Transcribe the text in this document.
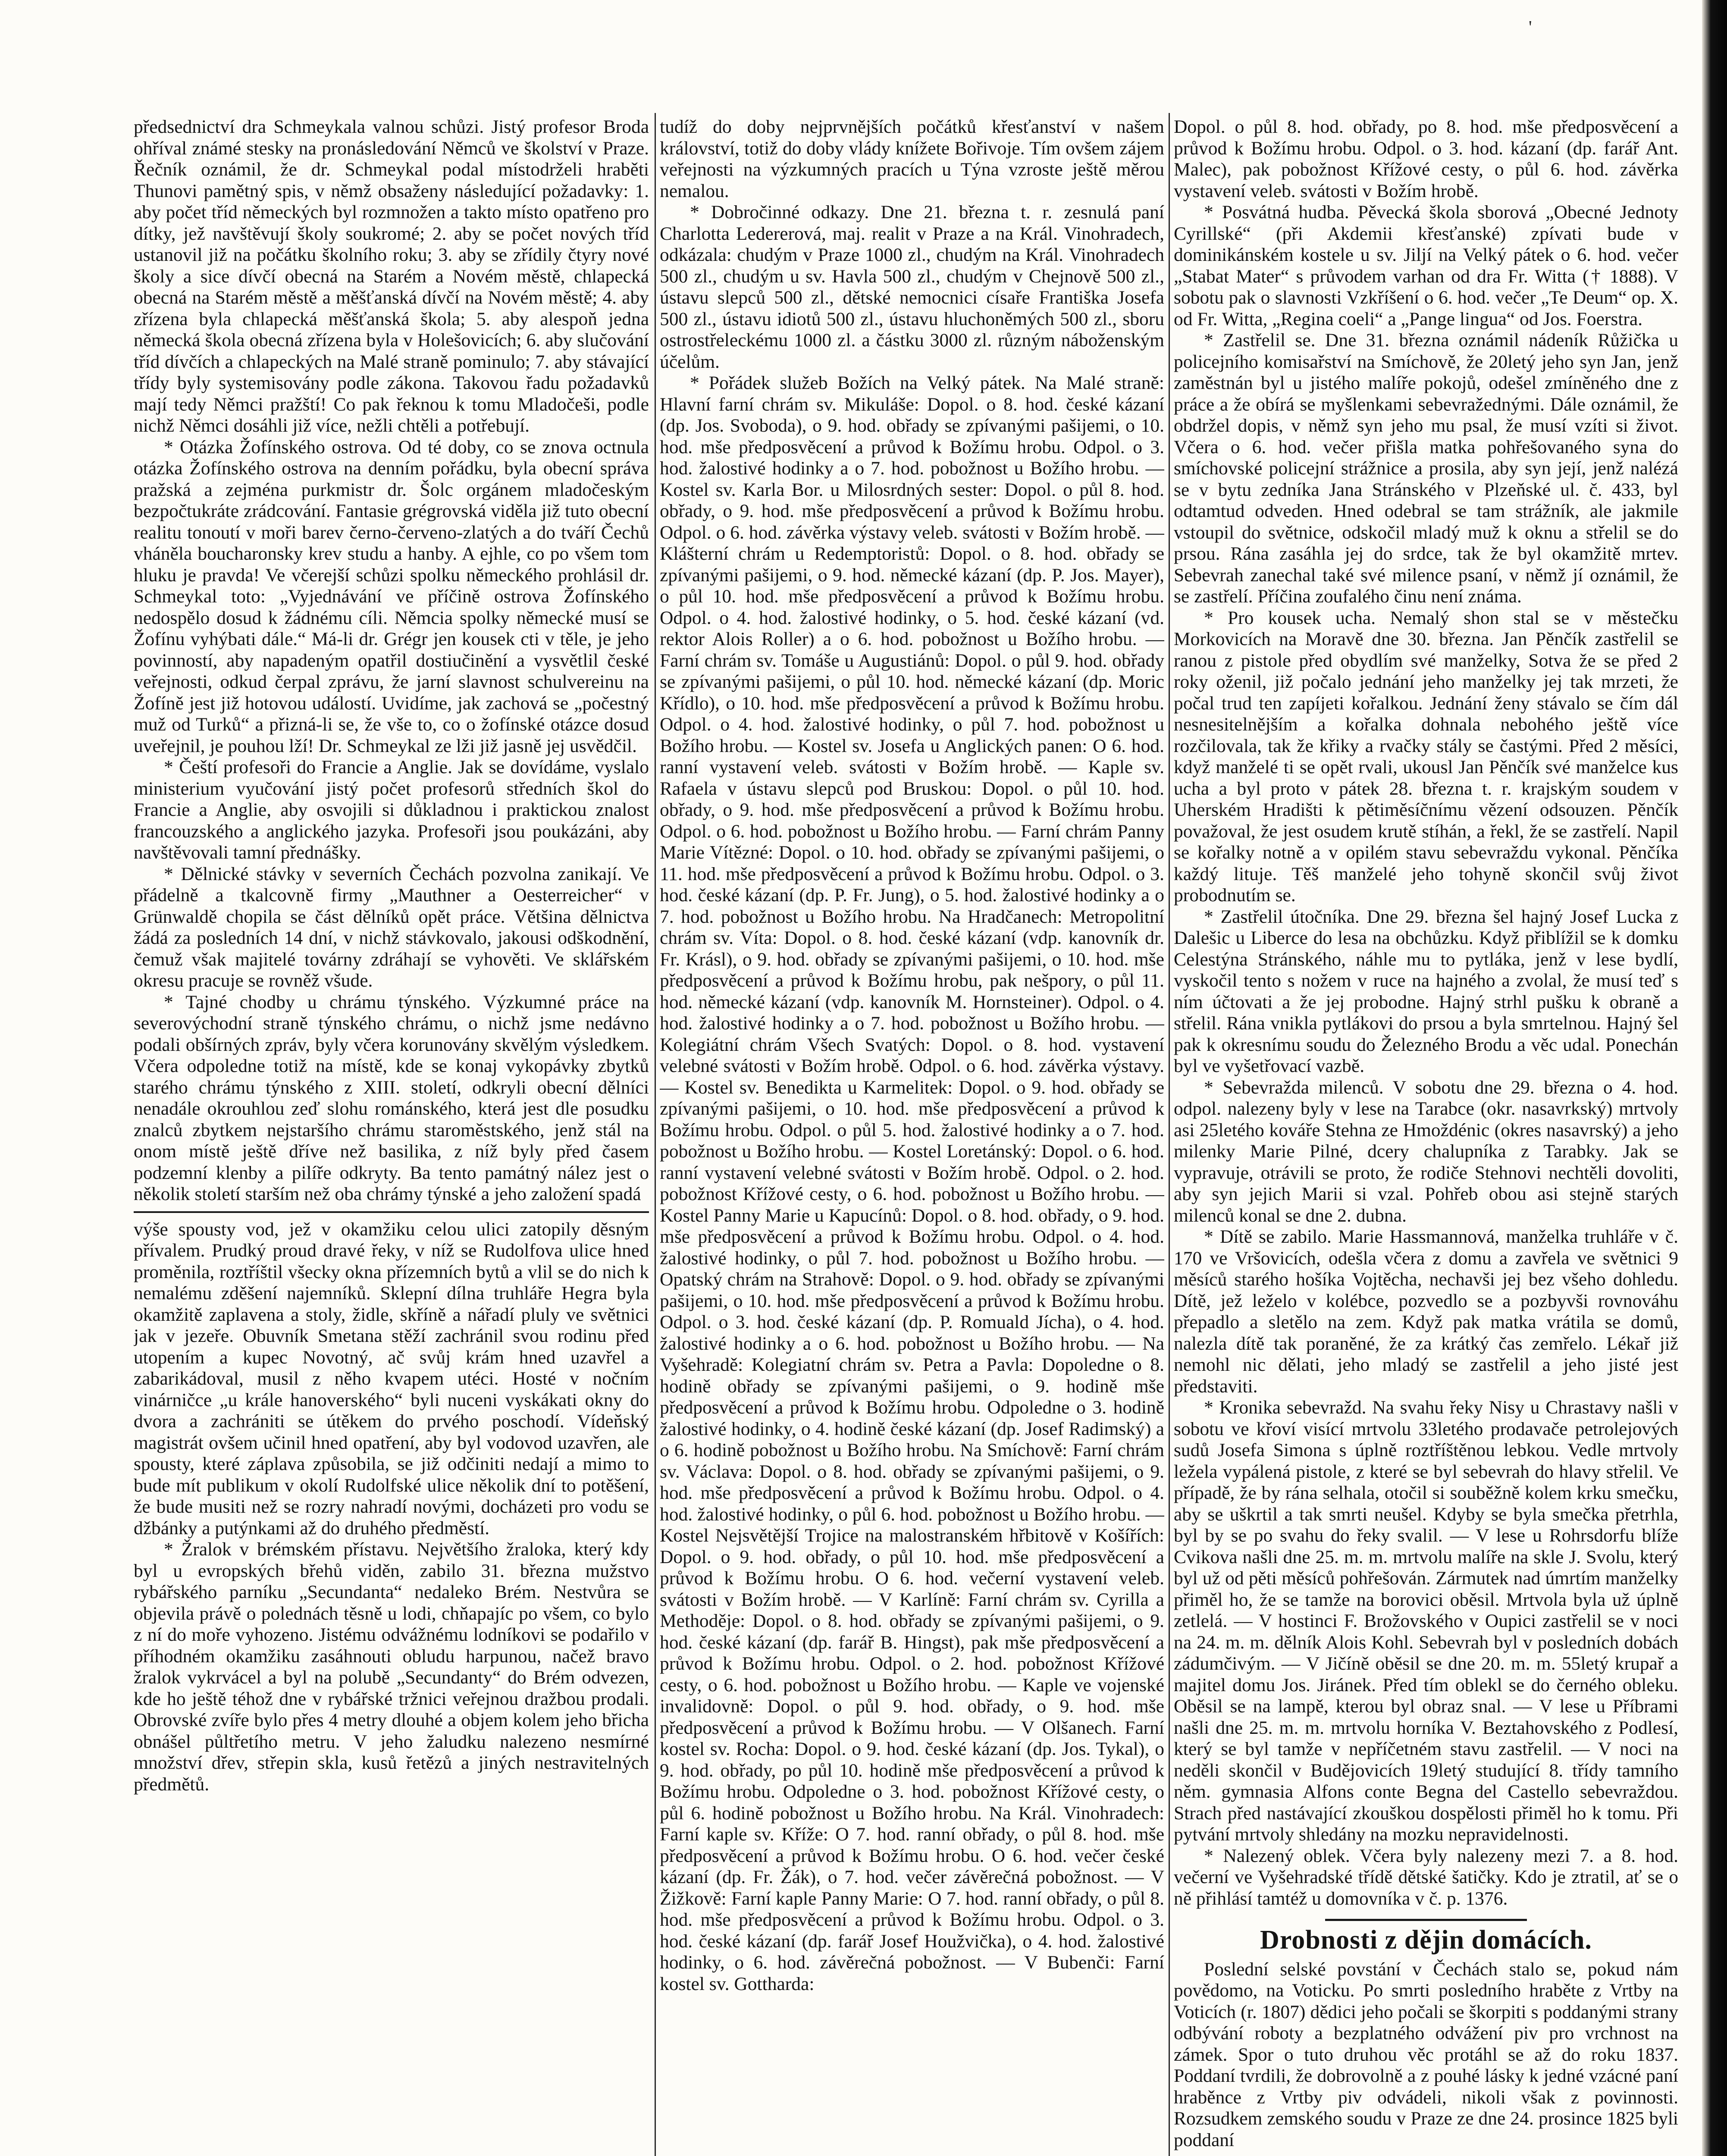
'

předsednictví dra Schmeykala valnou schůzi. Jistý profesor Broda ohříval známé stesky na pronásledování Němců ve školství v Praze. Řečník oznámil, že dr. Schmeykal podal místodrželi hraběti Thunovi pamětný spis, v němž obsaženy následující požadavky: 1. aby počet tříd německých byl rozmnožen a takto místo opatřeno pro dítky, jež navštěvují školy soukromé; 2. aby se počet nových tříd ustanovil již na počátku školního roku; 3. aby se zřídily čtyry nové školy a sice dívčí obecná na Starém a Novém městě, chlapecká obecná na Starém městě a měšťanská dívčí na Novém městě; 4. aby zřízena byla chlapecká měšťanská škola; 5. aby alespoň jedna německá škola obecná zřízena byla v Holešovicích; 6. aby slučování tříd dívčích a chlapeckých na Malé straně pominulo; 7. aby stávající třídy byly systemisovány podle zákona. Takovou řadu požadavků mají tedy Němci pražští! Co pak řeknou k tomu Mladočeši, podle nichž Němci dosáhli již více, nežli chtěli a potřebují.

* Otázka Žofínského ostrova. Od té doby, co se znova octnula otázka Žofínského ostrova na denním pořádku, byla obecní správa pražská a zejména purkmistr dr. Šolc orgánem mladočeským bezpočtukráte zrádcování. Fantasie grégrovská viděla již tuto obecní realitu tonoutí v moři barev černo-červeno-zlatých a do tváří Čechů vháněla boucharonsky krev studu a hanby. A ejhle, co po všem tom hluku je pravda! Ve včerejší schůzi spolku německého prohlásil dr. Schmeykal toto: „Vyjednávání ve příčině ostrova Žofínského nedospělo dosud k žádnému cíli. Němcia spolky německé musí se Žofínu vyhýbati dále.“ Má-li dr. Grégr jen kousek cti v těle, je jeho povinností, aby napadeným opatřil dostiučinění a vysvětlil české veřejnosti, odkud čerpal zprávu, že jarní slavnost schulvereinu na Žofíně jest již hotovou událostí. Uvidíme, jak zachová se „počestný muž od Turků“ a přizná-li se, že vše to, co o žofínské otázce dosud uveřejnil, je pouhou lží! Dr. Schmeykal ze lži již jasně jej usvědčil.

* Čeští profesoři do Francie a Anglie. Jak se dovídáme, vyslalo ministerium vyučování jistý počet profesorů středních škol do Francie a Anglie, aby osvojili si důkladnou i praktickou znalost francouzského a anglického jazyka. Profesoři jsou poukázáni, aby navštěvovali tamní přednášky.

* Dělnické stávky v severních Čechách pozvolna zanikají. Ve přádelně a tkalcovně firmy „Mauthner a Oesterreicher“ v Grünwaldě chopila se část dělníků opět práce. Většina dělnictva žádá za posledních 14 dní, v nichž stávkovalo, jakousi odškodnění, čemuž však majitelé továrny zdráhají se vyhověti. Ve sklářském okresu pracuje se rovněž všude.

* Tajné chodby u chrámu týnského. Výzkumné práce na severovýchodní straně týnského chrámu, o nichž jsme nedávno podali obšírných zpráv, byly včera korunovány skvělým výsledkem. Včera odpoledne totiž na místě, kde se konaj vykopávky zbytků starého chrámu týnského z XIII. století, odkryli obecní dělníci nenadále okrouhlou zeď slohu románského, která jest dle posudku znalců zbytkem nejstaršího chrámu staroměstského, jenž stál na onom místě ještě dříve než basilika, z níž byly před časem podzemní klenby a pilíře odkryty. Ba tento památný nález jest o několik století starším než oba chrámy týnské a jeho založení spadá

výše spousty vod, jež v okamžiku celou ulici zatopily děsným přívalem. Prudký proud dravé řeky, v níž se Rudolfova ulice hned proměnila, roztříštil všecky okna přízemních bytů a vlil se do nich k nemalému zděšení najemníků. Sklepní dílna truhláře Hegra byla okamžitě zaplavena a stoly, židle, skříně a nářadí pluly ve světnici jak v jezeře. Obuvník Smetana stěží zachránil svou rodinu před utopením a kupec Novotný, ač svůj krám hned uzavřel a zabarikádoval, musil z něho kvapem utéci. Hosté v nočním vinárničce „u krále hanoverského“ byli nuceni vyskákati okny do dvora a zachrániti se útěkem do prvého poschodí. Vídeňský magistrát ovšem učinil hned opatření, aby byl vodovod uzavřen, ale spousty, které záplava způsobila, se již odčiniti nedají a mimo to bude mít publikum v okolí Rudolfské ulice několik dní to potěšení, že bude musiti než se rozry nahradí novými, docházeti pro vodu se džbánky a putýnkami až do druhého předměstí.

* Žralok v brémském přístavu. Největšího žraloka, který kdy byl u evropských břehů viděn, zabilo 31. března mužstvo rybářského parníku „Secundanta“ nedaleko Brém. Nestvůra se objevila právě o polednách těsně u lodi, chňapajíc po všem, co bylo z ní do moře vyhozeno. Jistému odvážnému lodníkovi se podařilo v příhodném okamžiku zasáhnouti obludu harpunou, načež bravo žralok vykrvácel a byl na polubě „Secundanty“ do Brém odvezen, kde ho ještě téhož dne v rybářské tržnici veřejnou dražbou prodali. Obrovské zvíře bylo přes 4 metry dlouhé a objem kolem jeho břicha obnášel půltřetího metru. V jeho žaludku nalezeno nesmírné množství dřev, střepin skla, kusů řetězů a jiných nestravitelných předmětů.

tudíž do doby nejprvnějších počátků křesťanství v našem království, totiž do doby vlády knížete Bořivoje. Tím ovšem zájem veřejnosti na výzkumných pracích u Týna vzroste ještě měrou nemalou.

* Dobročinné odkazy. Dne 21. března t. r. zesnulá paní Charlotta Ledererová, maj. realit v Praze a na Král. Vinohradech, odkázala: chudým v Praze 1000 zl., chudým na Král. Vinohradech 500 zl., chudým u sv. Havla 500 zl., chudým v Chejnově 500 zl., ústavu slepců 500 zl., dětské nemocnici císaře Františka Josefa 500 zl., ústavu idiotů 500 zl., ústavu hluchoněmých 500 zl., sboru ostrostřeleckému 1000 zl. a částku 3000 zl. různým náboženským účelům.

* Pořádek služeb Božích na Velký pátek. Na Malé straně: Hlavní farní chrám sv. Mikuláše: Dopol. o 8. hod. české kázaní (dp. Jos. Svoboda), o 9. hod. obřady se zpívanými pašijemi, o 10. hod. mše předposvěcení a průvod k Božímu hrobu. Odpol. o 3. hod. žalostivé hodinky a o 7. hod. pobožnost u Božího hrobu. — Kostel sv. Karla Bor. u Milosrdných sester: Dopol. o půl 8. hod. obřady, o 9. hod. mše předposvěcení a průvod k Božímu hrobu. Odpol. o 6. hod. závěrka výstavy veleb. svátosti v Božím hrobě. — Klášterní chrám u Redemptoristů: Dopol. o 8. hod. obřady se zpívanými pašijemi, o 9. hod. německé kázaní (dp. P. Jos. Mayer), o půl 10. hod. mše předposvěcení a průvod k Božímu hrobu. Odpol. o 4. hod. žalostivé hodinky, o 5. hod. české kázaní (vd. rektor Alois Roller) a o 6. hod. pobožnost u Božího hrobu. — Farní chrám sv. Tomáše u Augustiánů: Dopol. o půl 9. hod. obřady se zpívanými pašijemi, o půl 10. hod. německé kázaní (dp. Moric Křídlo), o 10. hod. mše předposvěcení a průvod k Božímu hrobu. Odpol. o 4. hod. žalostivé hodinky, o půl 7. hod. pobožnost u Božího hrobu. — Kostel sv. Josefa u Anglických panen: O 6. hod. ranní vystavení veleb. svátosti v Božím hrobě. — Kaple sv. Rafaela v ústavu slepců pod Bruskou: Dopol. o půl 10. hod. obřady, o 9. hod. mše předposvěcení a průvod k Božímu hrobu. Odpol. o 6. hod. pobožnost u Božího hrobu. — Farní chrám Panny Marie Vítězné: Dopol. o 10. hod. obřady se zpívanými pašijemi, o 11. hod. mše předposvěcení a průvod k Božímu hrobu. Odpol. o 3. hod. české kázaní (dp. P. Fr. Jung), o 5. hod. žalostivé hodinky a o 7. hod. pobožnost u Božího hrobu. Na Hradčanech: Metropolitní chrám sv. Víta: Dopol. o 8. hod. české kázaní (vdp. kanovník dr. Fr. Krásl), o 9. hod. obřady se zpívanými pašijemi, o 10. hod. mše předposvěcení a průvod k Božímu hrobu, pak nešpory, o půl 11. hod. německé kázaní (vdp. kanovník M. Hornsteiner). Odpol. o 4. hod. žalostivé hodinky a o 7. hod. pobožnost u Božího hrobu. — Kolegiátní chrám Všech Svatých: Dopol. o 8. hod. vystavení velebné svátosti v Božím hrobě. Odpol. o 6. hod. závěrka výstavy. — Kostel sv. Benedikta u Karmelitek: Dopol. o 9. hod. obřady se zpívanými pašijemi, o 10. hod. mše předposvěcení a průvod k Božímu hrobu. Odpol. o půl 5. hod. žalostivé hodinky a o 7. hod. pobožnost u Božího hrobu. — Kostel Loretánský: Dopol. o 6. hod. ranní vystavení velebné svátosti v Božím hrobě. Odpol. o 2. hod. pobožnost Křížové cesty, o 6. hod. pobožnost u Božího hrobu. — Kostel Panny Marie u Kapucínů: Dopol. o 8. hod. obřady, o 9. hod. mše předposvěcení a průvod k Božímu hrobu. Odpol. o 4. hod. žalostivé hodinky, o půl 7. hod. pobožnost u Božího hrobu. — Opatský chrám na Strahově: Dopol. o 9. hod. obřady se zpívanými pašijemi, o 10. hod. mše předposvěcení a průvod k Božímu hrobu. Odpol. o 3. hod. české kázaní (dp. P. Romuald Jícha), o 4. hod. žalostivé hodinky a o 6. hod. pobožnost u Božího hrobu. — Na Vyšehradě: Kolegiatní chrám sv. Petra a Pavla: Dopoledne o 8. hodině obřady se zpívanými pašijemi, o 9. hodině mše předposvěcení a průvod k Božímu hrobu. Odpoledne o 3. hodině žalostivé hodinky, o 4. hodině české kázaní (dp. Josef Radimský) a o 6. hodině pobožnost u Božího hrobu. Na Smíchově: Farní chrám sv. Václava: Dopol. o 8. hod. obřady se zpívanými pašijemi, o 9. hod. mše předposvěcení a průvod k Božímu hrobu. Odpol. o 4. hod. žalostivé hodinky, o půl 6. hod. pobožnost u Božího hrobu. — Kostel Nejsvětější Trojice na malostranském hřbitově v Košířích: Dopol. o 9. hod. obřady, o půl 10. hod. mše předposvěcení a průvod k Božímu hrobu. O 6. hod. večerní vystavení veleb. svátosti v Božím hrobě. — V Karlíně: Farní chrám sv. Cyrilla a Methoděje: Dopol. o 8. hod. obřady se zpívanými pašijemi, o 9. hod. české kázaní (dp. farář B. Hingst), pak mše předposvěcení a průvod k Božímu hrobu. Odpol. o 2. hod. pobožnost Křížové cesty, o 6. hod. pobožnost u Božího hrobu. — Kaple ve vojenské invalidovně: Dopol. o půl 9. hod. obřady, o 9. hod. mše předposvěcení a průvod k Božímu hrobu. — V Olšanech. Farní kostel sv. Rocha: Dopol. o 9. hod. české kázaní (dp. Jos. Tykal), o 9. hod. obřady, po půl 10. hodině mše předposvěcení a průvod k Božímu hrobu. Odpoledne o 3. hod. pobožnost Křížové cesty, o půl 6. hodině pobožnost u Božího hrobu. Na Král. Vinohradech: Farní kaple sv. Kříže: O 7. hod. ranní obřady, o půl 8. hod. mše předposvěcení a průvod k Božímu hrobu. O 6. hod. večer české kázaní (dp. Fr. Žák), o 7. hod. večer závěrečná pobožnost. — V Žižkově: Farní kaple Panny Marie: O 7. hod. ranní obřady, o půl 8. hod. mše předposvěcení a průvod k Božímu hrobu. Odpol. o 3. hod. české kázaní (dp. farář Josef Houžvička), o 4. hod. žalostivé hodinky, o 6. hod. závěrečná pobožnost. — V Bubenči: Farní kostel sv. Gottharda:

Dopol. o půl 8. hod. obřady, po 8. hod. mše předposvěcení a průvod k Božímu hrobu. Odpol. o 3. hod. kázaní (dp. farář Ant. Malec), pak pobožnost Křížové cesty, o půl 6. hod. závěrka vystavení veleb. svátosti v Božím hrobě.

* Posvátná hudba. Pěvecká škola sborová „Obecné Jednoty Cyrillské“ (při Akdemii křesťanské) zpívati bude v dominikánském kostele u sv. Jiljí na Velký pátek o 6. hod. večer „Stabat Mater“ s průvodem varhan od dra Fr. Witta († 1888). V sobotu pak o slavnosti Vzkříšení o 6. hod. večer „Te Deum“ op. X. od Fr. Witta, „Regina coeli“ a „Pange lingua“ od Jos. Foerstra.

* Zastřelil se. Dne 31. března oznámil nádeník Růžička u policejního komisařství na Smíchově, že 20letý jeho syn Jan, jenž zaměstnán byl u jistého malíře pokojů, odešel zmíněného dne z práce a že obírá se myšlenkami sebevražednými. Dále oznámil, že obdržel dopis, v němž syn jeho mu psal, že musí vzíti si život. Včera o 6. hod. večer přišla matka pohřešovaného syna do smíchovské policejní strážnice a prosila, aby syn její, jenž nalézá se v bytu zedníka Jana Stránského v Plzeňské ul. č. 433, byl odtamtud odveden. Hned odebral se tam strážník, ale jakmile vstoupil do světnice, odskočil mladý muž k oknu a střelil se do prsou. Rána zasáhla jej do srdce, tak že byl okamžitě mrtev. Sebevrah zanechal také své milence psaní, v němž jí oznámil, že se zastřelí. Příčina zoufalého činu není známa.

* Pro kousek ucha. Nemalý shon stal se v městečku Morkovicích na Moravě dne 30. března. Jan Pěnčík zastřelil se ranou z pistole před obydlím své manželky, Sotva že se před 2 roky oženil, již počalo jednání jeho manželky jej tak mrzeti, že počal trud ten zapíjeti kořalkou. Jednání ženy stávalo se čím dál nesnesitelnějším a kořalka dohnala nebohého ještě více rozčilovala, tak že křiky a rvačky stály se častými. Před 2 měsíci, když manželé ti se opět rvali, ukousl Jan Pěnčík své manželce kus ucha a byl proto v pátek 28. března t. r. krajským soudem v Uherském Hradišti k pětiměsíčnímu vězení odsouzen. Pěnčík považoval, že jest osudem krutě stíhán, a řekl, že se zastřelí. Napil se kořalky notně a v opilém stavu sebevraždu vykonal. Pěnčíka každý lituje. Těš manželé jeho tohyně skončil svůj život probodnutím se.

* Zastřelil útočníka. Dne 29. března šel hajný Josef Lucka z Dalešic u Liberce do lesa na obchůzku. Když přiblížil se k domku Celestýna Stránského, náhle mu to pytláka, jenž v lese bydlí, vyskočil tento s nožem v ruce na hajného a zvolal, že musí teď s ním účtovati a že jej probodne. Hajný strhl pušku k obraně a střelil. Rána vnikla pytlákovi do prsou a byla smrtelnou. Hajný šel pak k okresnímu soudu do Železného Brodu a věc udal. Ponechán byl ve vyšetřovací vazbě.

* Sebevražda milenců. V sobotu dne 29. března o 4. hod. odpol. nalezeny byly v lese na Tarabce (okr. nasavrkský) mrtvoly asi 25letého kováře Stehna ze Hmoždénic (okres nasavrský) a jeho milenky Marie Pilné, dcery chalupníka z Tarabky. Jak se vypravuje, otrávili se proto, že rodiče Stehnovi nechtěli dovoliti, aby syn jejich Marii si vzal. Pohřeb obou asi stejně starých milenců konal se dne 2. dubna.

* Dítě se zabilo. Marie Hassmannová, manželka truhláře v č. 170 ve Vršovicích, odešla včera z domu a zavřela ve světnici 9 měsíců starého hošíka Vojtěcha, nechavši jej bez všeho dohledu. Dítě, jež leželo v kolébce, pozvedlo se a pozbyvši rovnováhu přepadlo a sletělo na zem. Když pak matka vrátila se domů, nalezla dítě tak poraněné, že za krátký čas zemřelo. Lékař již nemohl nic dělati, jeho mladý se zastřelil a jeho jisté jest představiti.

* Kronika sebevražd. Na svahu řeky Nisy u Chrastavy našli v sobotu ve křoví visící mrtvolu 33letého prodavače petrolejových sudů Josefa Simona s úplně roztříštěnou lebkou. Vedle mrtvoly ležela vypálená pistole, z které se byl sebevrah do hlavy střelil. Ve případě, že by rána selhala, otočil si souběžně kolem krku smečku, aby se uškrtil a tak smrti neušel. Kdyby se byla smečka přetrhla, byl by se po svahu do řeky svalil. — V lese u Rohrsdorfu blíže Cvikova našli dne 25. m. m. mrtvolu malíře na skle J. Svolu, který byl už od pěti měsíců pohřešován. Zármutek nad úmrtím manželky přiměl ho, že se tamže na borovici oběsil. Mrtvola byla už úplně zetlelá. — V hostinci F. Brožovského v Oupici zastřelil se v noci na 24. m. m. dělník Alois Kohl. Sebevrah byl v posledních dobách zádumčivým. — V Jičíně oběsil se dne 20. m. m. 55letý krupař a majitel domu Jos. Jiránek. Před tím oblekl se do černého obleku. Oběsil se na lampě, kterou byl obraz snal. — V lese u Příbrami našli dne 25. m. m. mrtvolu horníka V. Beztahovského z Podlesí, který se byl tamže v nepříčetném stavu zastřelil. — V noci na neděli skončil v Budějovicích 19letý studující 8. třídy tamního něm. gymnasia Alfons conte Begna del Castello sebevraždou. Strach před nastávající zkouškou dospělosti přiměl ho k tomu. Při pytvání mrtvoly shledány na mozku nepravidelnosti.

* Nalezený oblek. Včera byly nalezeny mezi 7. a 8. hod. večerní ve Vyšehradské třídě dětské šatičky. Kdo je ztratil, ať se o ně přihlásí tamtéž u domovníka v č. p. 1376.

Drobnosti z dějin domácích.

Poslední selské povstání v Čechách stalo se, pokud nám povědomo, na Voticku. Po smrti posledního hraběte z Vrtby na Voticích (r. 1807) dědici jeho počali se škorpiti s poddanými strany odbývání roboty a bezplatného odvážení piv pro vrchnost na zámek. Spor o tuto druhou věc protáhl se až do roku 1837. Poddaní tvrdili, že dobrovolně a z pouhé lásky k jedné vzácné paní hraběnce z Vrtby piv odvádeli, nikoli však z povinnosti. Rozsudkem zemského soudu v Praze ze dne 24. prosince 1825 byli poddaní
